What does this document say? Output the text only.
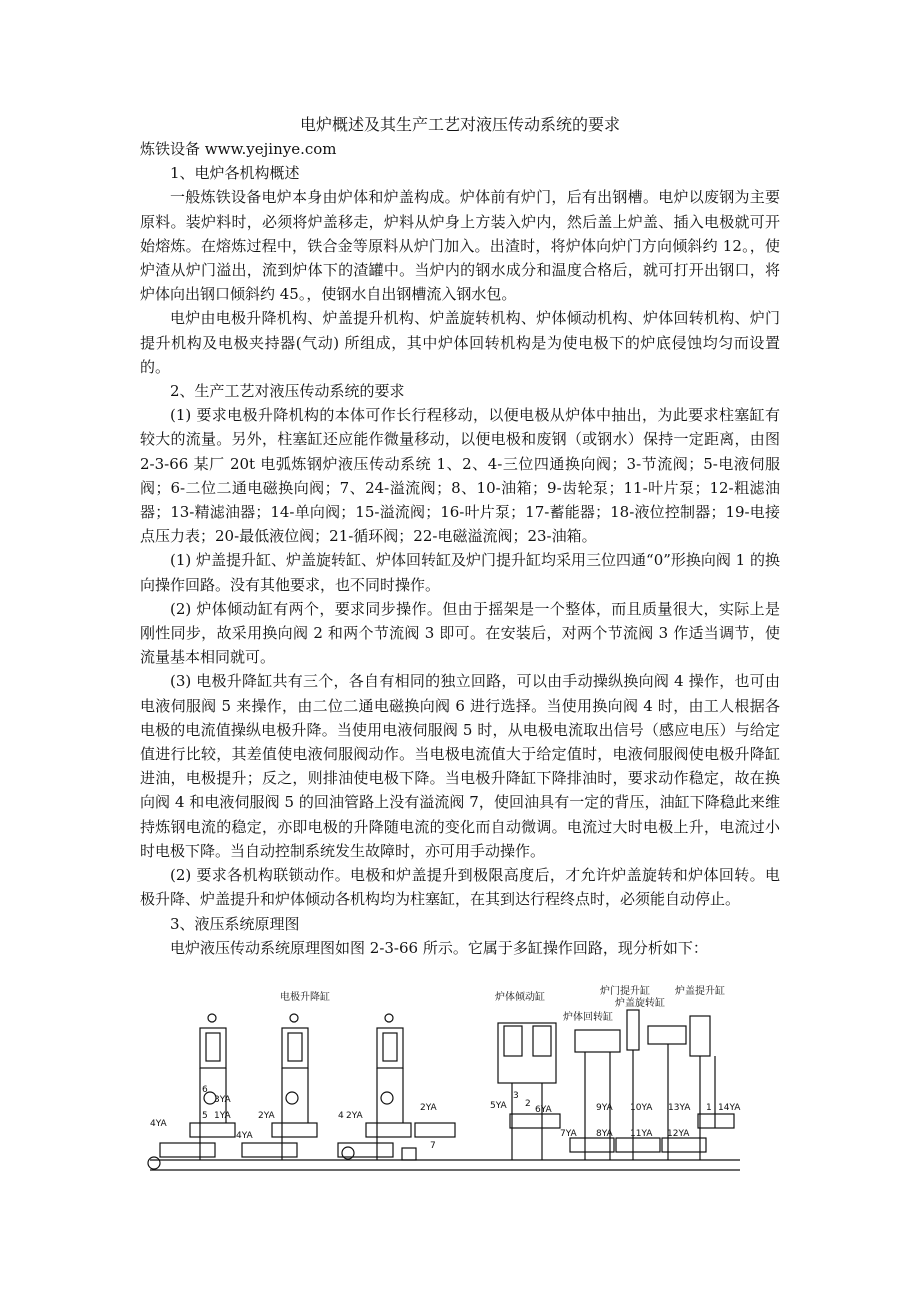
电炉概述及其生产工艺对液压传动系统的要求

炼铁设备 www.yejinye.com

1、电炉各机构概述

一般炼铁设备电炉本身由炉体和炉盖构成。炉体前有炉门，后有出钢槽。电炉以废钢为主要原料。装炉料时，必须将炉盖移走，炉料从炉身上方装入炉内，然后盖上炉盖、插入电极就可开始熔炼。在熔炼过程中，铁合金等原料从炉门加入。出渣时，将炉体向炉门方向倾斜约 12。，使炉渣从炉门溢出，流到炉体下的渣罐中。当炉内的钢水成分和温度合格后，就可打开出钢口，将炉体向出钢口倾斜约 45。，使钢水自出钢槽流入钢水包。

电炉由电极升降机构、炉盖提升机构、炉盖旋转机构、炉体倾动机构、炉体回转机构、炉门提升机构及电极夹持器(气动) 所组成，其中炉体回转机构是为使电极下的炉底侵蚀均匀而设置的。

2、生产工艺对液压传动系统的要求

(1) 要求电极升降机构的本体可作长行程移动，以便电极从炉体中抽出，为此要求柱塞缸有较大的流量。另外，柱塞缸还应能作微量移动，以便电极和废钢（或钢水）保持一定距离，由图 2-3-66 某厂 20t 电弧炼钢炉液压传动系统 1、2、4-三位四通换向阀；3-节流阀；5-电液伺服阀；6-二位二通电磁换向阀；7、24-溢流阀；8、10-油箱；9-齿轮泵；11-叶片泵；12-粗滤油器；13-精滤油器；14-单向阀；15-溢流阀；16-叶片泵；17-蓄能器；18-液位控制器；19-电接点压力表；20-最低液位阀；21-循环阀；22-电磁溢流阀；23-油箱。

(1) 炉盖提升缸、炉盖旋转缸、炉体回转缸及炉门提升缸均采用三位四通“0”形换向阀 1 的换向操作回路。没有其他要求，也不同时操作。

(2) 炉体倾动缸有两个，要求同步操作。但由于摇架是一个整体，而且质量很大，实际上是刚性同步，故采用换向阀 2 和两个节流阀 3 即可。在安装后，对两个节流阀 3 作适当调节，使流量基本相同就可。

(3) 电极升降缸共有三个，各自有相同的独立回路，可以由手动操纵换向阀 4 操作，也可由电液伺服阀 5 来操作，由二位二通电磁换向阀 6 进行选择。当使用换向阀 4 时，由工人根据各电极的电流值操纵电极升降。当使用电液伺服阀 5 时，从电极电流取出信号（感应电压）与给定值进行比较，其差值使电液伺服阀动作。当电极电流值大于给定值时，电液伺服阀使电极升降缸进油，电极提升；反之，则排油使电极下降。当电极升降缸下降排油时，要求动作稳定，故在换向阀 4 和电液伺服阀 5 的回油管路上没有溢流阀 7，使回油具有一定的背压，油缸下降稳此来维持炼钢电流的稳定，亦即电极的升降随电流的变化而自动微调。电流过大时电极上升，电流过小时电极下降。当自动控制系统发生故障时，亦可用手动操作。

(2) 要求各机构联锁动作。电极和炉盖提升到极限高度后，才允许炉盖旋转和炉体回转。电极升降、炉盖提升和炉体倾动各机构均为柱塞缸，在其到达行程终点时，必须能自动停止。

3、液压系统原理图

电炉液压传动系统原理图如图 2-3-66 所示。它属于多缸操作回路，现分析如下：

电极升降缸	炉体倾动缸
炉门提升缸	炉盖提升缸
炉盖旋转缸
炉体回转缸
6
3YA
5 1YA
4YA
2YA
4YA
4 2YA
2YA
7
5YA 2
6YA
3
7YA 8YA
9YA 10YA
11YA 12YA
13YA 1 14YA
